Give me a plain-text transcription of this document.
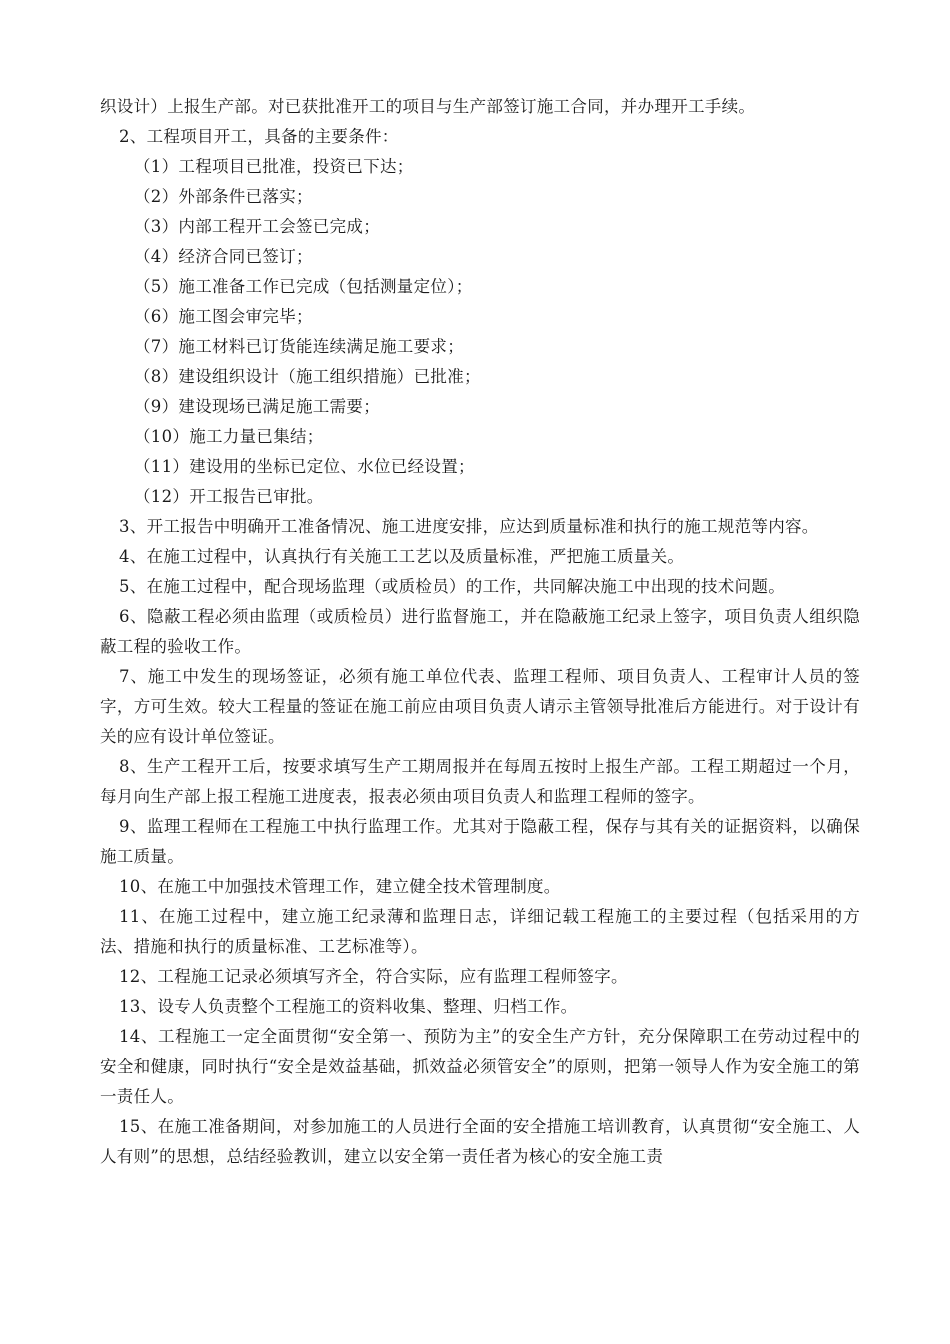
织设计）上报生产部。对已获批准开工的项目与生产部签订施工合同，并办理开工手续。

2、工程项目开工，具备的主要条件：

（1）工程项目已批准，投资已下达；

（2）外部条件已落实；

（3）内部工程开工会签已完成；

（4）经济合同已签订；

（5）施工准备工作已完成（包括测量定位）；

（6）施工图会审完毕；

（7）施工材料已订货能连续满足施工要求；

（8）建设组织设计（施工组织措施）已批准；

（9）建设现场已满足施工需要；

（10）施工力量已集结；

（11）建设用的坐标已定位、水位已经设置；

（12）开工报告已审批。

3、开工报告中明确开工准备情况、施工进度安排，应达到质量标准和执行的施工规范等内容。

4、在施工过程中，认真执行有关施工工艺以及质量标准，严把施工质量关。

5、在施工过程中，配合现场监理（或质检员）的工作，共同解决施工中出现的技术问题。

6、隐蔽工程必须由监理（或质检员）进行监督施工，并在隐蔽施工纪录上签字，项目负责人组织隐蔽工程的验收工作。

7、施工中发生的现场签证，必须有施工单位代表、监理工程师、项目负责人、工程审计人员的签字，方可生效。较大工程量的签证在施工前应由项目负责人请示主管领导批准后方能进行。对于设计有关的应有设计单位签证。

8、生产工程开工后，按要求填写生产工期周报并在每周五按时上报生产部。工程工期超过一个月，每月向生产部上报工程施工进度表，报表必须由项目负责人和监理工程师的签字。

9、监理工程师在工程施工中执行监理工作。尤其对于隐蔽工程，保存与其有关的证据资料，以确保施工质量。

10、在施工中加强技术管理工作，建立健全技术管理制度。

11、在施工过程中，建立施工纪录薄和监理日志，详细记载工程施工的主要过程（包括采用的方法、措施和执行的质量标准、工艺标准等）。

12、工程施工记录必须填写齐全，符合实际，应有监理工程师签字。

13、设专人负责整个工程施工的资料收集、整理、归档工作。

14、工程施工一定全面贯彻“安全第一、预防为主”的安全生产方针，充分保障职工在劳动过程中的安全和健康，同时执行“安全是效益基础，抓效益必须管安全”的原则，把第一领导人作为安全施工的第一责任人。

15、在施工准备期间，对参加施工的人员进行全面的安全措施工培训教育，认真贯彻“安全施工、人人有则”的思想，总结经验教训，建立以安全第一责任者为核心的安全施工责
